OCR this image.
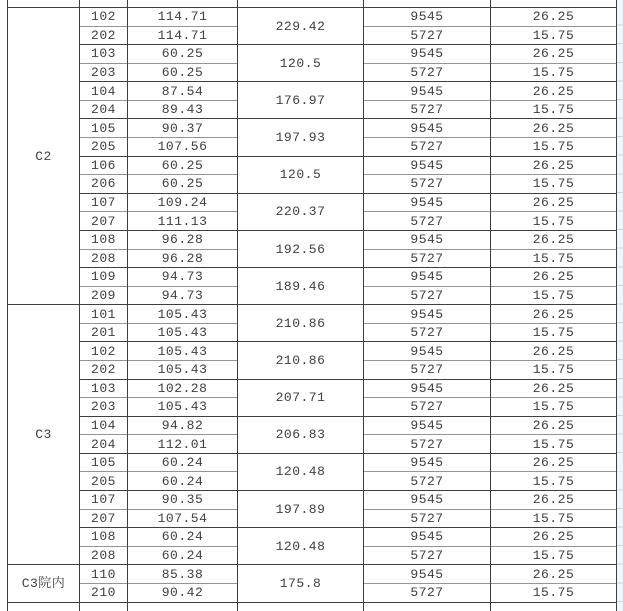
C2	102	114.71	229.42	9545	26.25
	202	114.71		5727	15.75
	103	60.25	120.5	9545	26.25
	203	60.25		5727	15.75
	104	87.54	176.97	9545	26.25
	204	89.43		5727	15.75
	105	90.37	197.93	9545	26.25
	205	107.56		5727	15.75
	106	60.25	120.5	9545	26.25
	206	60.25		5727	15.75
	107	109.24	220.37	9545	26.25
	207	111.13		5727	15.75
	108	96.28	192.56	9545	26.25
	208	96.28		5727	15.75
	109	94.73	189.46	9545	26.25
	209	94.73		5727	15.75
C3	101	105.43	210.86	9545	26.25
	201	105.43		5727	15.75
	102	105.43	210.86	9545	26.25
	202	105.43		5727	15.75
	103	102.28	207.71	9545	26.25
	203	105.43		5727	15.75
	104	94.82	206.83	9545	26.25
	204	112.01		5727	15.75
	105	60.24	120.48	9545	26.25
	205	60.24		5727	15.75
	107	90.35	197.89	9545	26.25
	207	107.54		5727	15.75
	108	60.24	120.48	9545	26.25
	208	60.24		5727	15.75
C3院内	110	85.38	175.8	9545	26.25
	210	90.42		5727	15.75
